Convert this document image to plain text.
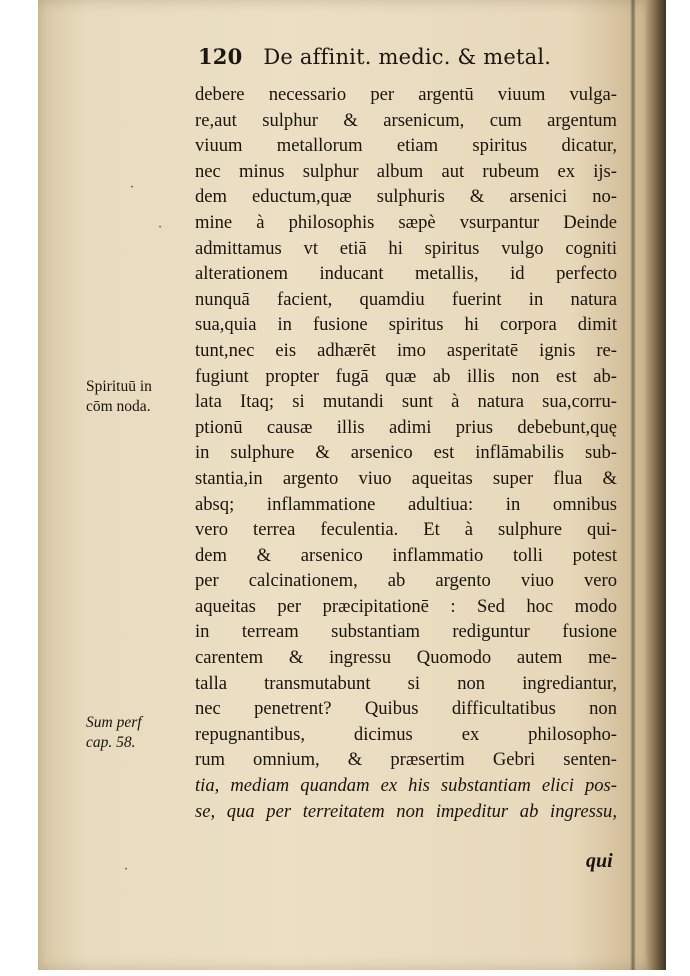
120 De affinit. medic. & metal.
debere necessario per argentū viuum vulga-
re,aut sulphur & arsenicum, cum argentum
viuum metallorum etiam spiritus dicatur,
nec minus sulphur album aut rubeum ex ijs-
dem eductum,quæ sulphuris & arsenici no-
mine à philosophis sæpè vsurpantur Deinde
admittamus vt etiā hi spiritus vulgo cogniti
alterationem inducant metallis, id perfecto
nunquā facient, quamdiu fuerint in natura
sua,quia in fusione spiritus hi corpora dimit
tunt,nec eis adhærēt imo asperitatē ignis re-
fugiunt propter fugā quæ ab illis non est ab-
lata Itaq; si mutandi sunt à natura sua,corru-
ptionū causæ illis adimi prius debebunt,quę
in sulphure & arsenico est inflāmabilis sub-
stantia,in argento viuo aqueitas super flua &
absq; inflammatione adultiua: in omnibus
vero terrea feculentia. Et à sulphure qui-
dem & arsenico inflammatio tolli potest
per calcinationem, ab argento viuo vero
aqueitas per præcipitationē : Sed hoc modo
in terream substantiam rediguntur fusione
carentem & ingressu Quomodo autem me-
talla transmutabunt si non ingrediantur,
nec penetrent? Quibus difficultatibus non
repugnantibus, dicimus ex philosopho-
rum omnium, & præsertim Gebri senten-
tia, mediam quandam ex his substantiam elici pos-
se, qua per terreitatem non impeditur ab ingressu,
qui
Spirituū in
cōm noda.
Sum perf
cap. 58.
·
·
·
